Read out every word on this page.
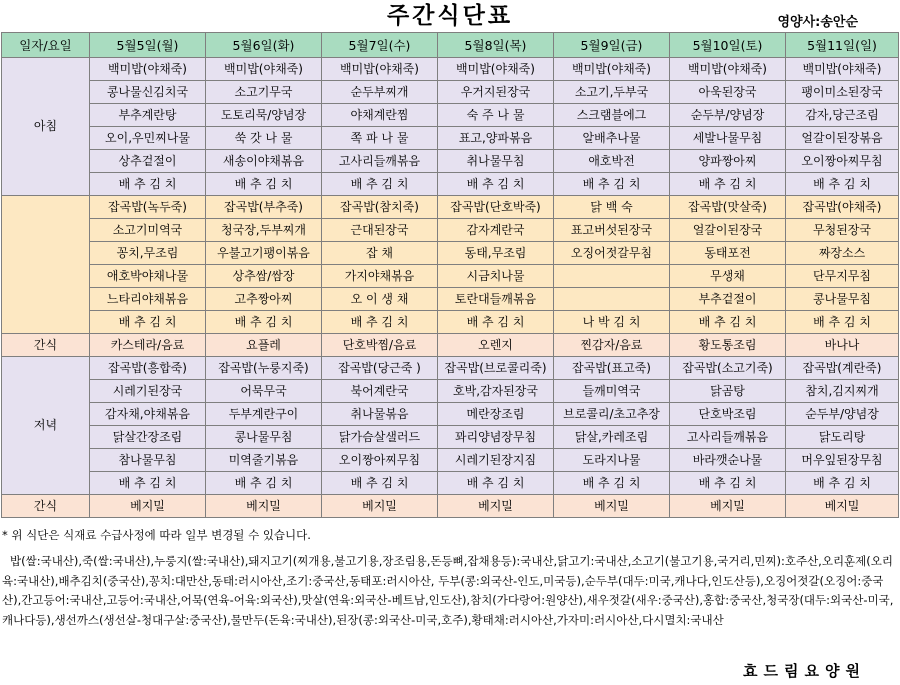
주간식단표	영양사:송안순
일자/요일	5월5일(월)	5월6일(화)	5월7일(수)	5월8일(목)	5월9일(금)	5월10일(토)	5월11일(일)
아침	백미밥(야채죽)	백미밥(야채죽)	백미밥(야채죽)	백미밥(야채죽)	백미밥(야채죽)	백미밥(야채죽)	백미밥(야채죽)
	콩나물신김치국	소고기무국	순두부찌개	우거지된장국	소고기,두부국	아욱된장국	팽이미소된장국
	부추계란탕	도토리묵/양념장	야채계란찜	숙 주 나 물	스크램블에그	순두부/양념장	감자,당근조림
	오이,우민찌나물	쑥 갓 나 물	쪽 파 나 물	표고,양파볶음	알배추나물	세발나물무침	얼갈이된장볶음
	상추겉절이	새송이야채볶음	고사리들깨볶음	취나물무침	애호박전	양파짱아찌	오이짱아찌무침
	배 추 김 치	배 추 김 치	배 추 김 치	배 추 김 치	배 추 김 치	배 추 김 치	배 추 김 치
	잡곡밥(녹두죽)	잡곡밥(부추죽)	잡곡밥(참치죽)	잡곡밥(단호박죽)	닭 백 숙	잡곡밥(맛살죽)	잡곡밥(야채죽)
	소고기미역국	청국장,두부찌개	근대된장국	감자계란국	표고버섯된장국	얼갈이된장국	무청된장국
	꽁치,무조림	우불고기팽이볶음	잡 채	동태,무조림	오징어젓갈무침	동태포전	짜장소스
	애호박야채나물	상추쌈/쌈장	가지야채볶음	시금치나물		무생채	단무지무침
	느타리야채볶음	고추짱아찌	오 이 생 채	토란대들깨볶음		부추겉절이	콩나물무침
	배 추 김 치	배 추 김 치	배 추 김 치	배 추 김 치	나 박 김 치	배 추 김 치	배 추 김 치
간식	카스테라/음료	요플레	단호박찜/음료	오렌지	찐감자/음료	황도통조림	바나나
저녁	잡곡밥(흥합죽)	잡곡밥(누룽지죽)	잡곡밥(당근죽 )	잡곡밥(브로콜리죽)	잡곡밥(표고죽)	잡곡밥(소고기죽)	잡곡밥(계란죽)
	시레기된장국	어묵무국	북어계란국	호박,감자된장국	들깨미역국	닭곰탕	참치,김지찌개
	감자채,야채볶음	두부계란구이	취나물볶음	메란장조림	브로콜리/초고추장	단호박조림	순두부/양념장
	닭살간장조림	콩나물무침	닭가슴살샐러드	꽈리양념장무침	닭살,카레조림	고사리들깨볶음	닭도리탕
	참나물무침	미역줄기볶음	오이짱아찌무침	시레기된장지짐	도라지나물	바라깻순나물	머우잎된장무침
	배 추 김 치	배 추 김 치	배 추 김 치	배 추 김 치	배 추 김 치	배 추 김 치	배 추 김 치
간식	베지밀	베지밀	베지밀	베지밀	베지밀	베지밀	베지밀
* 위 식단은 식재료 수급사정에 따라 일부 변경될 수 있습니다.
밥(쌀:국내산),죽(쌀:국내산),누룽지(쌀:국내산),돼지고기(찌개용,불고기용,장조림용,돈등뼈,잡채용등):국내산,닭고기:국내산,소고기(불고기용,국거리,민찌):호주산,오리훈제(오리육:국내산),배추김치(중국산),꽁치:대만산,동태:러시아산,조기:중국산,동태포:러시아산, 두부(콩:외국산-인도,미국등),순두부(대두:미국,캐나다,인도산등),오징어젓갈(오징어:중국산),간고등어:국내산,고등어:국내산,어묵(연육-어육:외국산),맛살(연육:외국산-베트남,인도산),참치(가다랑어:원양산),새우젓갈(새우:중국산),홍합:중국산,청국장(대두:외국산-미국,캐나다등),생선까스(생선살-청대구살:중국산),물만두(돈육:국내산),된장(콩:외국산-미국,호주),황태채:러시아산,가자미:러시아산,다시멸치:국내산
효드림요양원
